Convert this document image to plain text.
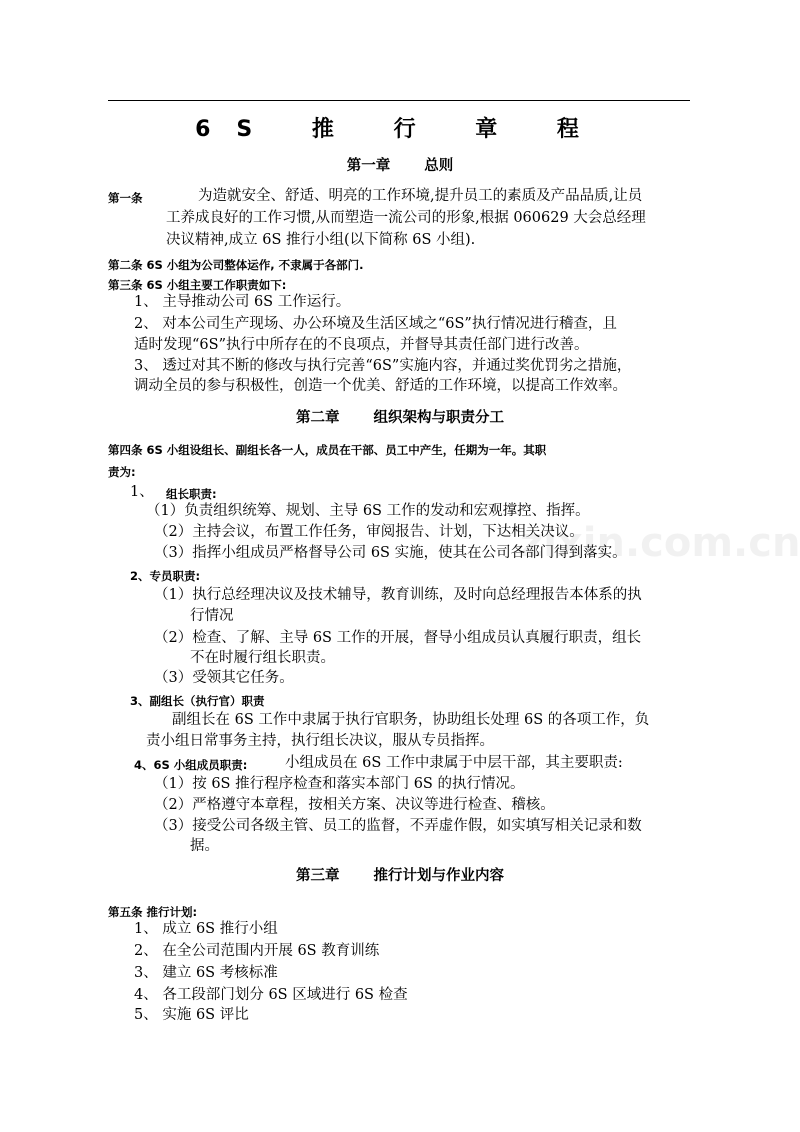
6S 推 行 章 程
第一章 总则
第一条	为造就安全、舒适、明亮的工作环境,提升员工的素质及产品品质,让员
工养成良好的工作习惯,从而塑造一流公司的形象,根据 060629 大会总经理
决议精神,成立 6S 推行小组(以下简称 6S 小组).
第二条 6S 小组为公司整体运作, 不隶属于各部门.
第三条 6S 小组主要工作职责如下:
1、 主导推动公司 6S 工作运行。
2、 对本公司生产现场、办公环境及生活区域之“6S”执行情况进行稽查，且
适时发现“6S”执行中所存在的不良项点，并督导其责任部门进行改善。
3、 透过对其不断的修改与执行完善“6S”实施内容，并通过奖优罚劣之措施，
调动全员的参与积极性，创造一个优美、舒适的工作环境，以提高工作效率。
第二章 组织架构与职责分工
第四条 6S 小组设组长、副组长各一人，成员在干部、员工中产生，任期为一年。其职
责为:
1、 组长职责:
（1）负责组织统筹、规划、主导 6S 工作的发动和宏观撑控、指挥。
（2）主持会议，布置工作任务，审阅报告、计划，下达相关决议。
（3）指挥小组成员严格督导公司 6S 实施，使其在公司各部门得到落实。
2、专员职责:
（1）执行总经理决议及技术辅导，教育训练，及时向总经理报告本体系的执
行情况
（2）检查、了解、主导 6S 工作的开展，督导小组成员认真履行职责，组长
不在时履行组长职责。
（3）受领其它任务。
3、副组长（执行官）职责
副组长在 6S 工作中隶属于执行官职务，协助组长处理 6S 的各项工作，负
责小组日常事务主持，执行组长决议，服从专员指挥。
4、6S 小组成员职责:	小组成员在 6S 工作中隶属于中层干部，其主要职责:
（1）按 6S 推行程序检查和落实本部门 6S 的执行情况。
（2）严格遵守本章程，按相关方案、决议等进行检查、稽核。
（3）接受公司各级主管、员工的监督，不弄虚作假，如实填写相关记录和数
据。
第三章 推行计划与作业内容
第五条 推行计划:
1、 成立 6S 推行小组
2、 在全公司范围内开展 6S 教育训练
3、 建立 6S 考核标准
4、 各工段部门划分 6S 区域进行 6S 检查
5、 实施 6S 评比
zixin.com.cn
